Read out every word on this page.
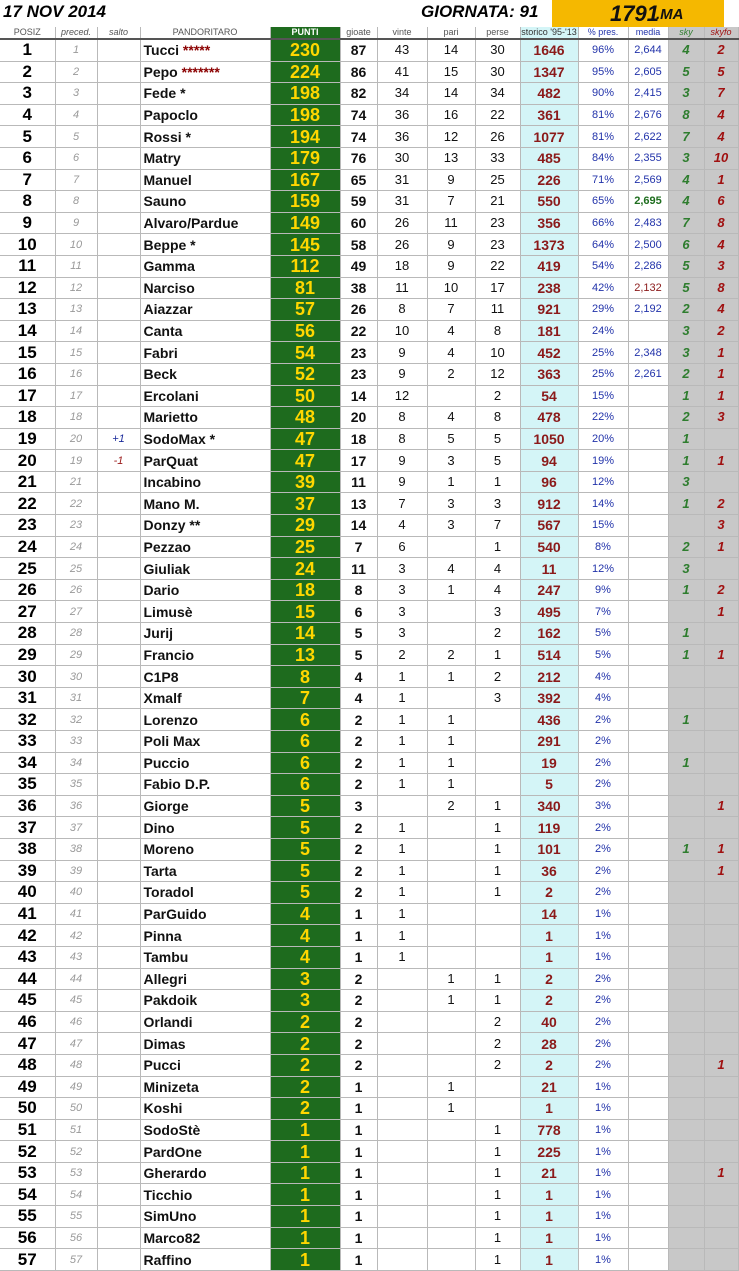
17 NOV 2014	GIORNATA: 91	1791
.MA
POSIZ	preced.	salto	PANDORITARO	PUNTI	gioate	vinte	pari	perse	storico '95-'13	% pres.	media	sky	skyfo
1	1		Tucci *****	230	87	43	14	30	1646	96%	2,644	4	2
2	2		Pepo *******	224	86	41	15	30	1347	95%	2,605	5	5
3	3		Fede *	198	82	34	14	34	482	90%	2,415	3	7
4	4		Papoclo	198	74	36	16	22	361	81%	2,676	8	4
5	5		Rossi *	194	74	36	12	26	1077	81%	2,622	7	4
6	6		Matry	179	76	30	13	33	485	84%	2,355	3	10
7	7		Manuel	167	65	31	9	25	226	71%	2,569	4	1
8	8		Sauno	159	59	31	7	21	550	65%	2,695	4	6
9	9		Alvaro/Pardue	149	60	26	11	23	356	66%	2,483	7	8
10	10		Beppe *	145	58	26	9	23	1373	64%	2,500	6	4
11	11		Gamma	112	49	18	9	22	419	54%	2,286	5	3
12	12		Narciso	81	38	11	10	17	238	42%	2,132	5	8
13	13		Aiazzar	57	26	8	7	11	921	29%	2,192	2	4
14	14		Canta	56	22	10	4	8	181	24%		3	2
15	15		Fabri	54	23	9	4	10	452	25%	2,348	3	1
16	16		Beck	52	23	9	2	12	363	25%	2,261	2	1
17	17		Ercolani	50	14	12		2	54	15%		1	1
18	18		Marietto	48	20	8	4	8	478	22%		2	3
19	20	+1	SodoMax *	47	18	8	5	5	1050	20%		1	
20	19	-1	ParQuat	47	17	9	3	5	94	19%		1	1
21	21		Incabino	39	11	9	1	1	96	12%		3	
22	22		Mano M.	37	13	7	3	3	912	14%		1	2
23	23		Donzy **	29	14	4	3	7	567	15%			3
24	24		Pezzao	25	7	6		1	540	8%		2	1
25	25		Giuliak	24	11	3	4	4	11	12%		3	
26	26		Dario	18	8	3	1	4	247	9%		1	2
27	27		Limusè	15	6	3		3	495	7%			1
28	28		Jurij	14	5	3		2	162	5%		1	
29	29		Francio	13	5	2	2	1	514	5%		1	1
30	30		C1P8	8	4	1	1	2	212	4%			
31	31		Xmalf	7	4	1		3	392	4%			
32	32		Lorenzo	6	2	1	1		436	2%		1	
33	33		Poli Max	6	2	1	1		291	2%			
34	34		Puccio	6	2	1	1		19	2%		1	
35	35		Fabio D.P.	6	2	1	1		5	2%			
36	36		Giorge	5	3		2	1	340	3%			1
37	37		Dino	5	2	1		1	119	2%			
38	38		Moreno	5	2	1		1	101	2%		1	1
39	39		Tarta	5	2	1		1	36	2%			1
40	40		Toradol	5	2	1		1	2	2%			
41	41		ParGuido	4	1	1			14	1%			
42	42		Pinna	4	1	1			1	1%			
43	43		Tambu	4	1	1			1	1%			
44	44		Allegri	3	2		1	1	2	2%			
45	45		Pakdoik	3	2		1	1	2	2%			
46	46		Orlandi	2	2			2	40	2%			
47	47		Dimas	2	2			2	28	2%			
48	48		Pucci	2	2			2	2	2%			1
49	49		Minizeta	2	1		1		21	1%			
50	50		Koshi	2	1		1		1	1%			
51	51		SodoStè	1	1			1	778	1%			
52	52		PardOne	1	1			1	225	1%			
53	53		Gherardo	1	1			1	21	1%			1
54	54		Ticchio	1	1			1	1	1%			
55	55		SimUno	1	1			1	1	1%			
56	56		Marco82	1	1			1	1	1%			
57	57		Raffino	1	1			1	1	1%			
